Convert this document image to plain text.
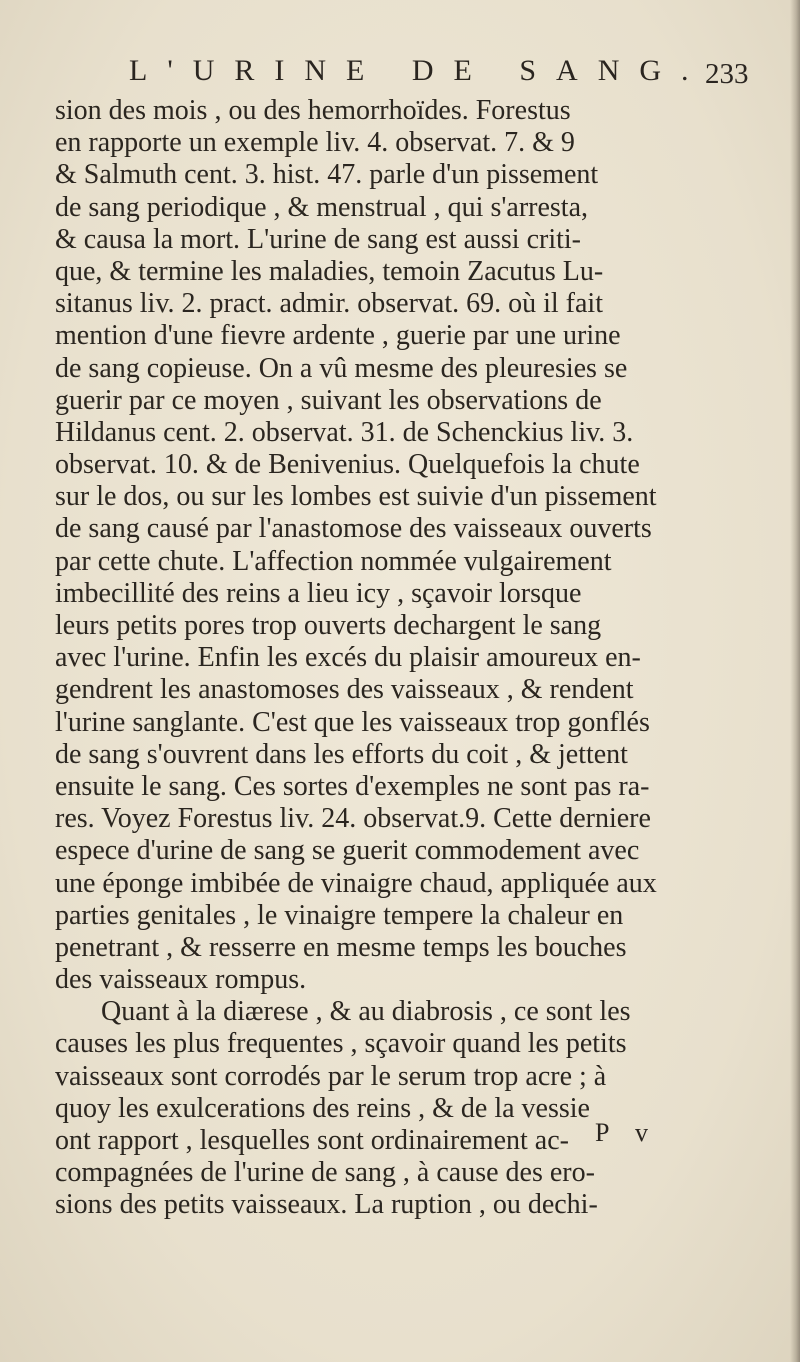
L'URINE DE SANG.
233
sion des mois , ou des hemorrhoïdes. Forestus
en rapporte un exemple liv. 4. observat. 7. & 9
& Salmuth cent. 3. hist. 47. parle d'un pissement
de sang periodique , & menstrual , qui s'arresta,
& causa la mort. L'urine de sang est aussi criti-
que, & termine les maladies, temoin Zacutus Lu-
sitanus liv. 2. pract. admir. observat. 69. où il fait
mention d'une fievre ardente , guerie par une urine
de sang copieuse. On a vû mesme des pleuresies se
guerir par ce moyen , suivant les observations de
Hildanus cent. 2. observat. 31. de Schenckius liv. 3.
observat. 10. & de Benivenius. Quelquefois la chute
sur le dos, ou sur les lombes est suivie d'un pissement
de sang causé par l'anastomose des vaisseaux ouverts
par cette chute. L'affection nommée vulgairement
imbecillité des reins a lieu icy , sçavoir lorsque
leurs petits pores trop ouverts dechargent le sang
avec l'urine. Enfin les excés du plaisir amoureux en-
gendrent les anastomoses des vaisseaux , & rendent
l'urine sanglante. C'est que les vaisseaux trop gonflés
de sang s'ouvrent dans les efforts du coit , & jettent
ensuite le sang. Ces sortes d'exemples ne sont pas ra-
res. Voyez Forestus liv. 24. observat.9. Cette derniere
espece d'urine de sang se guerit commodement avec
une éponge imbibée de vinaigre chaud, appliquée aux
parties genitales , le vinaigre tempere la chaleur en
penetrant , & resserre en mesme temps les bouches
des vaisseaux rompus.
Quant à la diærese , & au diabrosis , ce sont les
causes les plus frequentes , sçavoir quand les petits
vaisseaux sont corrodés par le serum trop acre ; à
quoy les exulcerations des reins , & de la vessie
ont rapport , lesquelles sont ordinairement ac-
compagnées de l'urine de sang , à cause des ero-
sions des petits vaisseaux. La ruption , ou dechi-
P v
